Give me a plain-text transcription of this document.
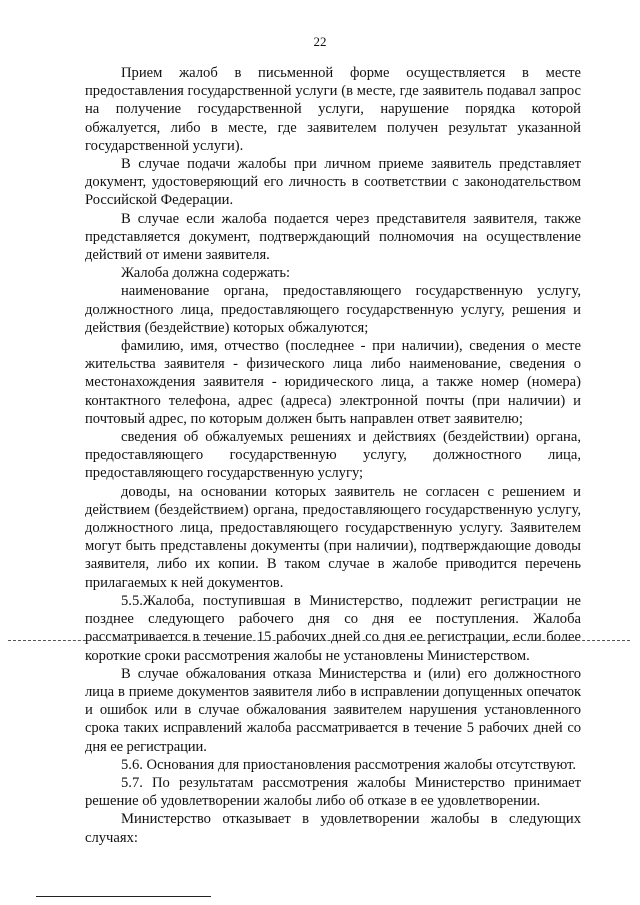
22

Прием жалоб в письменной форме осуществляется в месте предоставления государственной услуги (в месте, где заявитель подавал запрос на получение государственной услуги, нарушение порядка которой обжалуется, либо в месте, где заявителем получен результат указанной государственной услуги).

В случае подачи жалобы при личном приеме заявитель представляет документ, удостоверяющий его личность в соответствии с законодательством Российской Федерации.

В случае если жалоба подается через представителя заявителя, также представляется документ, подтверждающий полномочия на осуществление действий от имени заявителя.

Жалоба должна содержать:

наименование органа, предоставляющего государственную услугу, должностного лица, предоставляющего государственную услугу, решения и действия (бездействие) которых обжалуются;

фамилию, имя, отчество (последнее - при наличии), сведения о месте жительства заявителя - физического лица либо наименование, сведения о местонахождения заявителя - юридического лица, а также номер (номера) контактного телефона, адрес (адреса) электронной почты (при наличии) и почтовый адрес, по которым должен быть направлен ответ заявителю;

сведения об обжалуемых решениях и действиях (бездействии) органа, предоставляющего государственную услугу, должностного лица, предоставляющего государственную услугу;

доводы, на основании которых заявитель не согласен с решением и действием (бездействием) органа, предоставляющего государственную услугу, должностного лица, предоставляющего государственную услугу. Заявителем могут быть представлены документы (при наличии), подтверждающие доводы заявителя, либо их копии. В таком случае в жалобе приводится перечень прилагаемых к ней документов.

5.5.Жалоба, поступившая в Министерство, подлежит регистрации не позднее следующего рабочего дня со дня ее поступления. Жалоба рассматривается в течение 15 рабочих дней со дня ее регистрации, если более короткие сроки рассмотрения жалобы не установлены Министерством.

В случае обжалования отказа Министерства и (или) его должностного лица в приеме документов заявителя либо в исправлении допущенных опечаток и ошибок или в случае обжалования заявителем нарушения установленного срока таких исправлений жалоба рассматривается в течение 5 рабочих дней со дня ее регистрации.

5.6. Основания для приостановления рассмотрения жалобы отсутствуют.

5.7. По результатам рассмотрения жалобы Министерство принимает решение об удовлетворении жалобы либо об отказе в ее удовлетворении.

Министерство отказывает в удовлетворении жалобы в следующих случаях:
